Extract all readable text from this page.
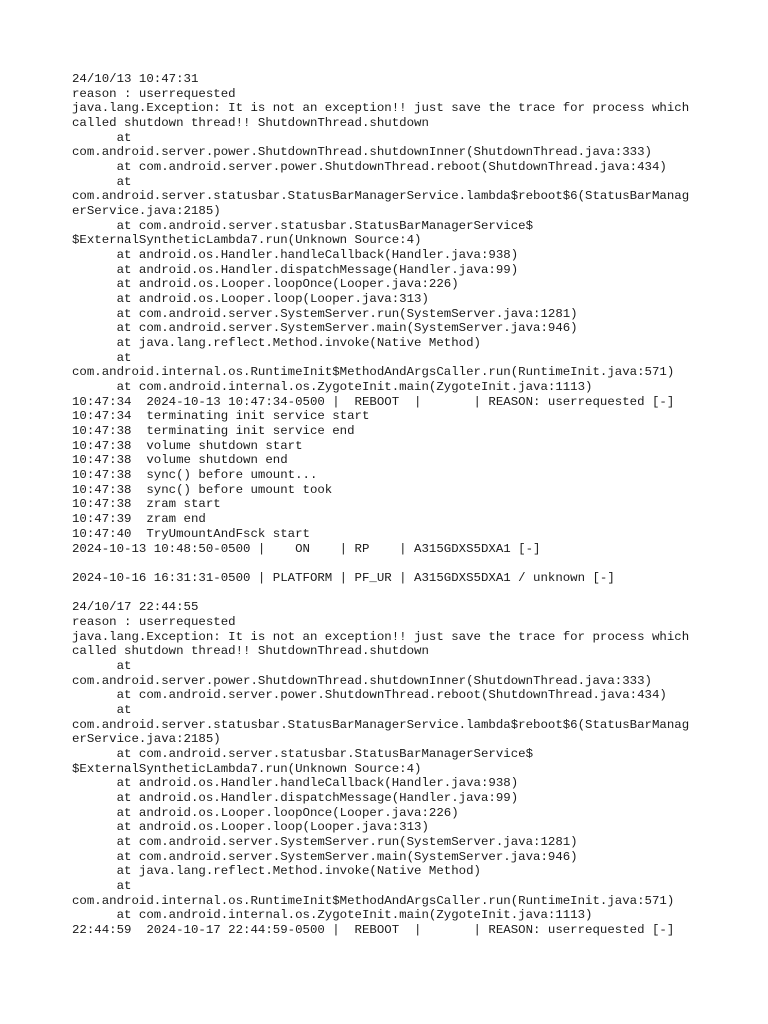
24/10/13 10:47:31
reason : userrequested
java.lang.Exception: It is not an exception!! just save the trace for process which
called shutdown thread!! ShutdownThread.shutdown
at
com.android.server.power.ShutdownThread.shutdownInner(ShutdownThread.java:333)
at com.android.server.power.ShutdownThread.reboot(ShutdownThread.java:434)
at
com.android.server.statusbar.StatusBarManagerService.lambda$reboot$6(StatusBarManag
erService.java:2185)
at com.android.server.statusbar.StatusBarManagerService$
$ExternalSyntheticLambda7.run(Unknown Source:4)
at android.os.Handler.handleCallback(Handler.java:938)
at android.os.Handler.dispatchMessage(Handler.java:99)
at android.os.Looper.loopOnce(Looper.java:226)
at android.os.Looper.loop(Looper.java:313)
at com.android.server.SystemServer.run(SystemServer.java:1281)
at com.android.server.SystemServer.main(SystemServer.java:946)
at java.lang.reflect.Method.invoke(Native Method)
at
com.android.internal.os.RuntimeInit$MethodAndArgsCaller.run(RuntimeInit.java:571)
at com.android.internal.os.ZygoteInit.main(ZygoteInit.java:1113)
10:47:34  2024-10-13 10:47:34-0500 |  REBOOT  |       | REASON: userrequested [-]
10:47:34  terminating init service start
10:47:38  terminating init service end
10:47:38  volume shutdown start
10:47:38  volume shutdown end
10:47:38  sync() before umount...
10:47:38  sync() before umount took
10:47:38  zram start
10:47:39  zram end
10:47:40  TryUmountAndFsck start
2024-10-13 10:48:50-0500 |    ON    | RP    | A315GDXS5DXA1 [-]
2024-10-16 16:31:31-0500 | PLATFORM | PF_UR | A315GDXS5DXA1 / unknown [-]
24/10/17 22:44:55
reason : userrequested
java.lang.Exception: It is not an exception!! just save the trace for process which
called shutdown thread!! ShutdownThread.shutdown
at
com.android.server.power.ShutdownThread.shutdownInner(ShutdownThread.java:333)
at com.android.server.power.ShutdownThread.reboot(ShutdownThread.java:434)
at
com.android.server.statusbar.StatusBarManagerService.lambda$reboot$6(StatusBarManag
erService.java:2185)
at com.android.server.statusbar.StatusBarManagerService$
$ExternalSyntheticLambda7.run(Unknown Source:4)
at android.os.Handler.handleCallback(Handler.java:938)
at android.os.Handler.dispatchMessage(Handler.java:99)
at android.os.Looper.loopOnce(Looper.java:226)
at android.os.Looper.loop(Looper.java:313)
at com.android.server.SystemServer.run(SystemServer.java:1281)
at com.android.server.SystemServer.main(SystemServer.java:946)
at java.lang.reflect.Method.invoke(Native Method)
at
com.android.internal.os.RuntimeInit$MethodAndArgsCaller.run(RuntimeInit.java:571)
at com.android.internal.os.ZygoteInit.main(ZygoteInit.java:1113)
22:44:59  2024-10-17 22:44:59-0500 |  REBOOT  |       | REASON: userrequested [-]
